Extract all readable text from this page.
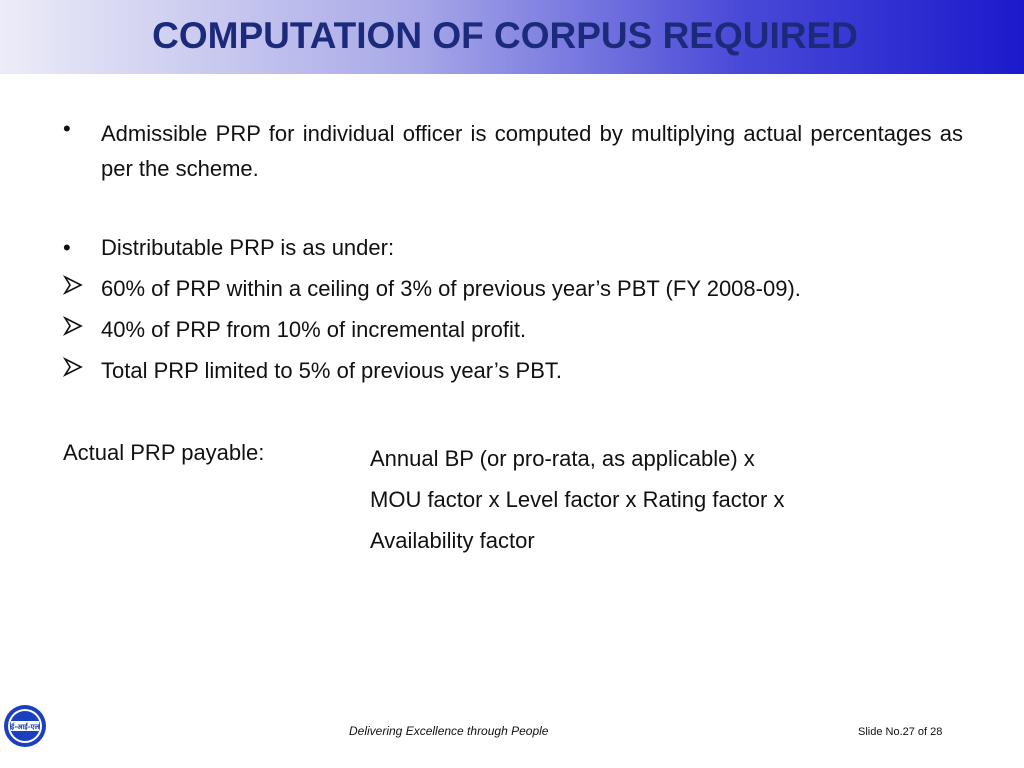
COMPUTATION OF CORPUS REQUIRED
• Admissible PRP for individual officer is computed by multiplying actual percentages as per the scheme.
• Distributable PRP is as under:
60% of PRP within a ceiling of 3% of previous year’s PBT (FY 2008-09).
40% of PRP from 10% of incremental profit.
Total PRP limited to 5% of previous year’s PBT.
Actual PRP payable:	Annual BP (or pro-rata, as applicable) x
MOU factor x Level factor x Rating factor x
Availability factor
ई-आई-एल	Delivering Excellence through People	Slide No.27 of 28
